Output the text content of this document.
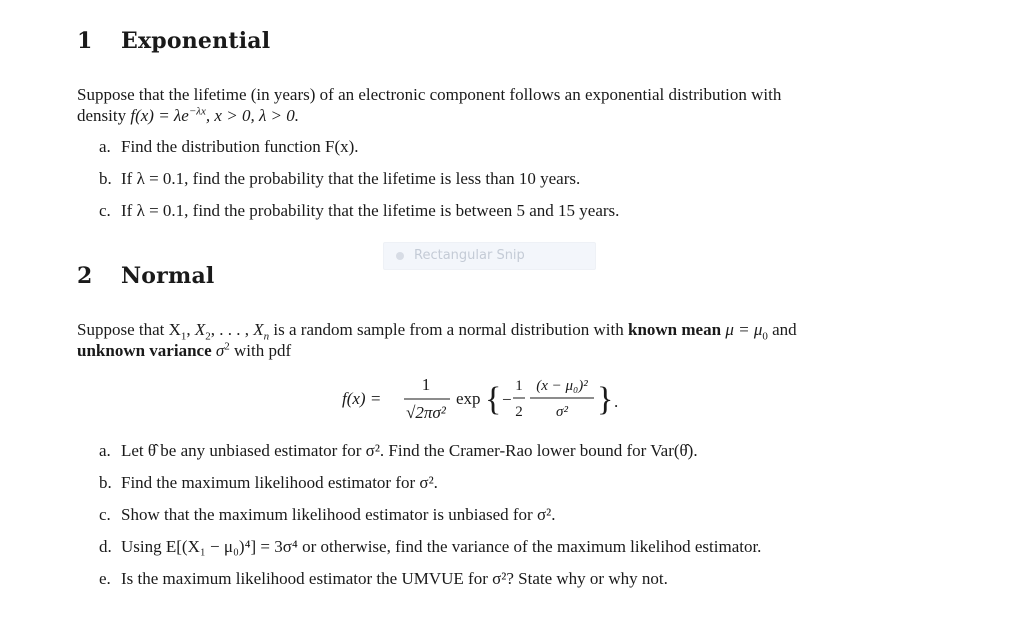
1 Exponential
Suppose that the lifetime (in years) of an electronic component follows an exponential distribution with
density $f(x) = \lambda e^{-\lambda x}$, x > 0, λ > 0.
a. Find the distribution function F(x).
b. If λ = 0.1, find the probability that the lifetime is less than 10 years.
c. If λ = 0.1, find the probability that the lifetime is between 5 and 15 years.
2 Normal
Suppose that $X_1$, $X_2$, . . . , $X_n$ is a random sample from a normal distribution with known mean $\mu = \mu_0$ and
unknown variance $\sigma^2$ with pdf
a. Let θ̂ be any unbiased estimator for σ². Find the Cramer-Rao lower bound for Var(θ̂).
b. Find the maximum likelihood estimator for σ².
c. Show that the maximum likelihood estimator is unbiased for σ².
d. Using E[(X₁ − μ₀)⁴] = 3σ⁴ or otherwise, find the variance of the maximum likelihod estimator.
e. Is the maximum likelihood estimator the UMVUE for σ²? State why or why not.
Rectangular Snip
f(x) =
1
√2πσ²
exp { −
1
2
(x − μ₀)²
σ² } .
